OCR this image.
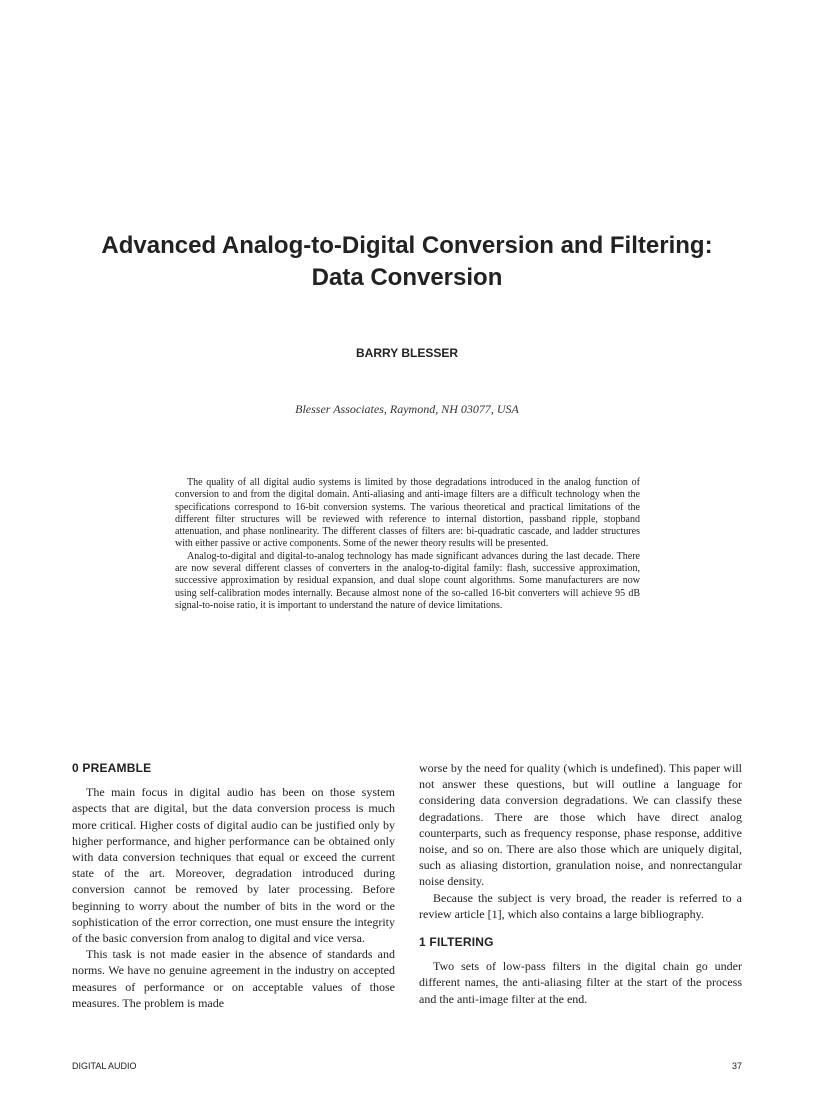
Advanced Analog-to-Digital Conversion and Filtering:
Data Conversion
BARRY BLESSER
Blesser Associates, Raymond, NH 03077, USA

The quality of all digital audio systems is limited by those degradations introduced in the analog function of conversion to and from the digital domain. Anti-aliasing and anti-image filters are a difficult technology when the specifications correspond to 16-bit conversion systems. The various theoretical and practical limitations of the different filter structures will be reviewed with reference to internal distortion, passband ripple, stopband attenuation, and phase nonlinearity. The different classes of filters are: bi-quadratic cascade, and ladder structures with either passive or active components. Some of the newer theory results will be presented.

Analog-to-digital and digital-to-analog technology has made significant advances during the last decade. There are now several different classes of converters in the analog-to-digital family: flash, successive approximation, successive approximation by residual expansion, and dual slope count algorithms. Some manufacturers are now using self-calibration modes internally. Because almost none of the so-called 16-bit converters will achieve 95 dB signal-to-noise ratio, it is important to understand the nature of device limitations.

0 PREAMBLE

The main focus in digital audio has been on those system aspects that are digital, but the data conversion process is much more critical. Higher costs of digital audio can be justified only by higher performance, and higher performance can be obtained only with data conversion techniques that equal or exceed the current state of the art. Moreover, degradation introduced during conversion cannot be removed by later processing. Before beginning to worry about the number of bits in the word or the sophistication of the error correction, one must ensure the integrity of the basic conversion from analog to digital and vice versa.

This task is not made easier in the absence of standards and norms. We have no genuine agreement in the industry on accepted measures of performance or on acceptable values of those measures. The problem is made

worse by the need for quality (which is undefined). This paper will not answer these questions, but will outline a language for considering data conversion degradations. We can classify these degradations. There are those which have direct analog counterparts, such as frequency response, phase response, additive noise, and so on. There are also those which are uniquely digital, such as aliasing distortion, granulation noise, and nonrectangular noise density.

Because the subject is very broad, the reader is referred to a review article [1], which also contains a large bibliography.

1 FILTERING

Two sets of low-pass filters in the digital chain go under different names, the anti-aliasing filter at the start of the process and the anti-image filter at the end.

DIGITAL AUDIO	37
